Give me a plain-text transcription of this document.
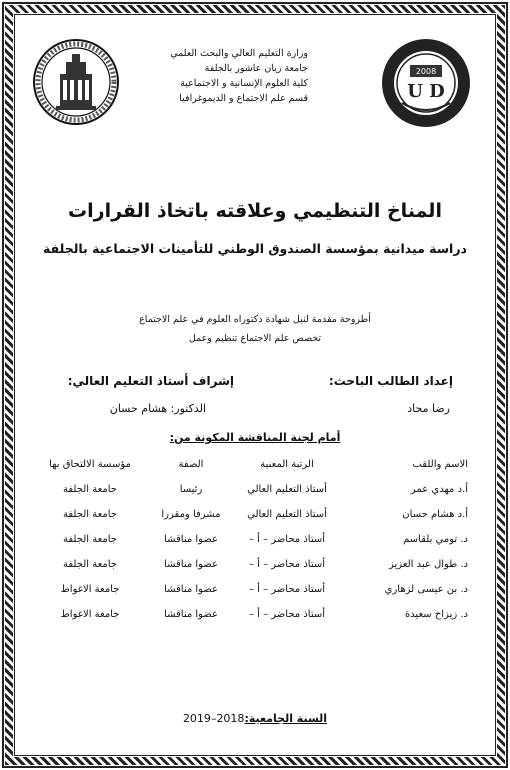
2008
U D
وزارة التعليم العالي والبحث العلمي
جامعة زيان عاشور بالجلفة
كلية العلوم الإنسانية و الاجتماعية
قسم علم الاجتماع و الديموغرافيا
المناخ التنظيمي وعلاقته باتخاذ القرارات
دراسة ميدانية بمؤسسة الصندوق الوطني للتأمينات الاجتماعية بالجلفة
أطروحة مقدمة لنيل شهادة دكتوراه العلوم في علم الاجتماع
تخصص علم الاجتماع تنظيم وعمل
إعداد الطالب الباحث:
إشراف أستاذ التعليم العالي:
رضا محاد
الدكتور: هشام حسان
أمام لجنة المناقشة المكونة من:
الاسم واللقب
الرتبة المعنية
الصفة
مؤسسة الالتحاق بها
أ.د مهدي عمر
أستاذ التعليم العالي
رئيسا
جامعة الجلفة
أ.د هشام حسان
أستاذ التعليم العالي
مشرفا ومقررا
جامعة الجلفة
د. تومي بلقاسم
أستاذ محاضر – أ –
عضوا مناقشا
جامعة الجلفة
د. طوال عبد العزيز
أستاذ محاضر – أ –
عضوا مناقشا
جامعة الجلفة
د. بن عيسى لزهاري
أستاذ محاضر – أ –
عضوا مناقشا
جامعة الاغواط
د. زيزاح سعيدة
أستاذ محاضر – أ –
عضوا مناقشا
جامعة الاغواط
السنة الجامعية:2018–2019
